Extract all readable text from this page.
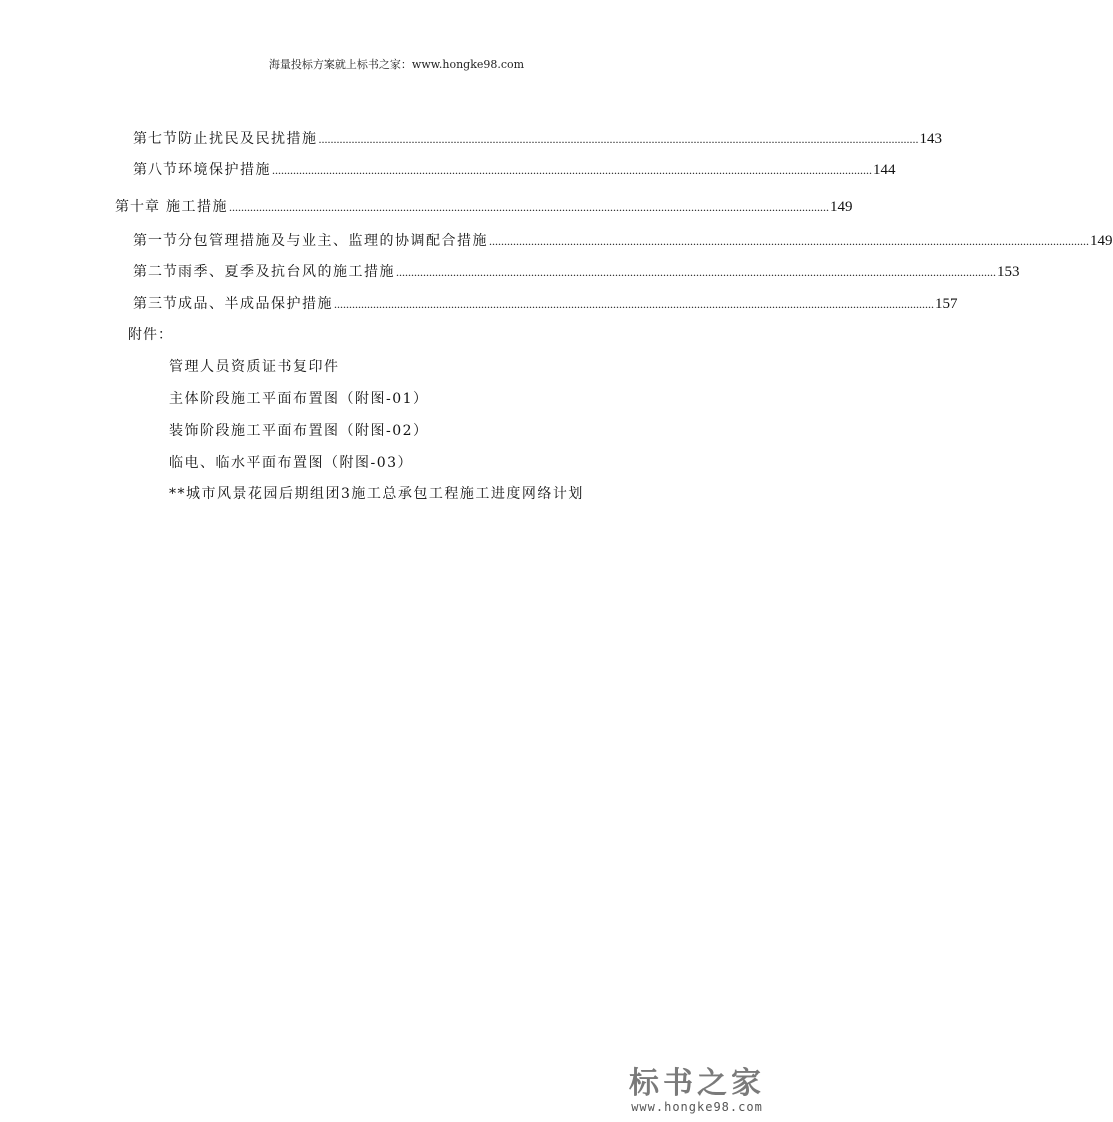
海量投标方案就上标书之家：www.hongke98.com
第七节 防止扰民及民扰措施 ........................................................................................................................................................................................................ 143
第八节 环境保护措施 ........................................................................................................................................................................................................ 144
第十章 施工措施 ........................................................................................................................................................................................................ 149
第一节 分包管理措施及与业主、监理的协调配合措施 ........................................................................................................................................................................................................ 149
第二节 雨季、夏季及抗台风的施工措施 ........................................................................................................................................................................................................ 153
第三节 成品、半成品保护措施 ........................................................................................................................................................................................................ 157
附件：
管理人员资质证书复印件
主体阶段施工平面布置图（附图-01）
装饰阶段施工平面布置图（附图-02）
临电、临水平面布置图（附图-03）
**城市风景花园后期组团3施工总承包工程施工进度网络计划
标书之家
www.hongke98.com
